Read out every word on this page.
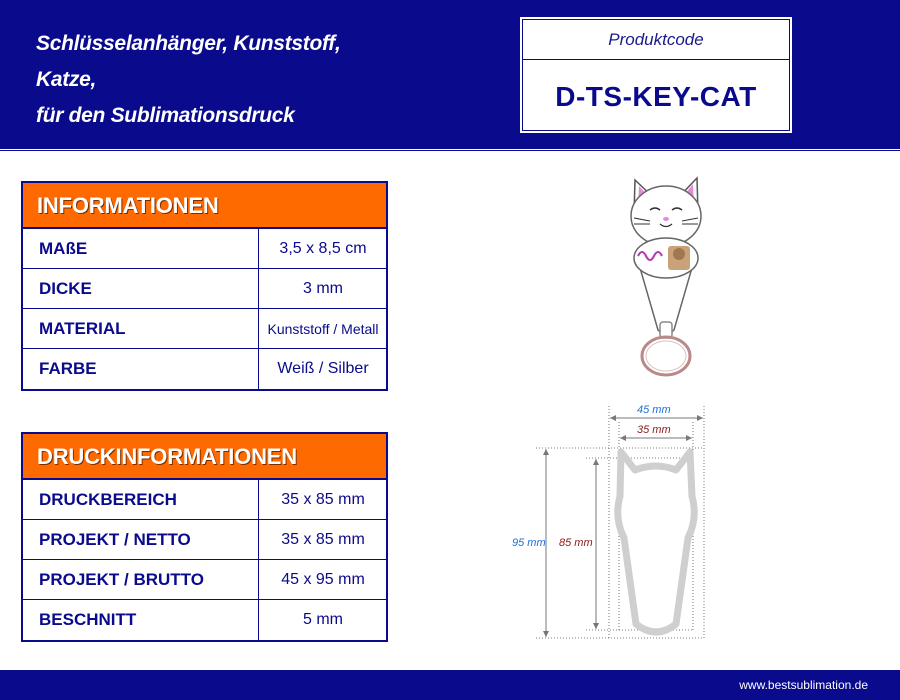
Schlüsselanhänger, Kunststoff,
Katze,
für den Sublimationsdruck
Produktcode
D-TS-KEY-CAT
INFORMATIONEN
MAßE	3,5 x 8,5 cm
DICKE	3 mm
MATERIAL	Kunststoff / Metall
FARBE	Weiß / Silber
DRUCKINFORMATIONEN
DRUCKBEREICH	35 x 85 mm
PROJEKT / NETTO	35 x 85 mm
PROJEKT / BRUTTO	45 x 95 mm
BESCHNITT	5 mm
45 mm
35 mm
95 mm 85 mm
www.bestsublimation.de
